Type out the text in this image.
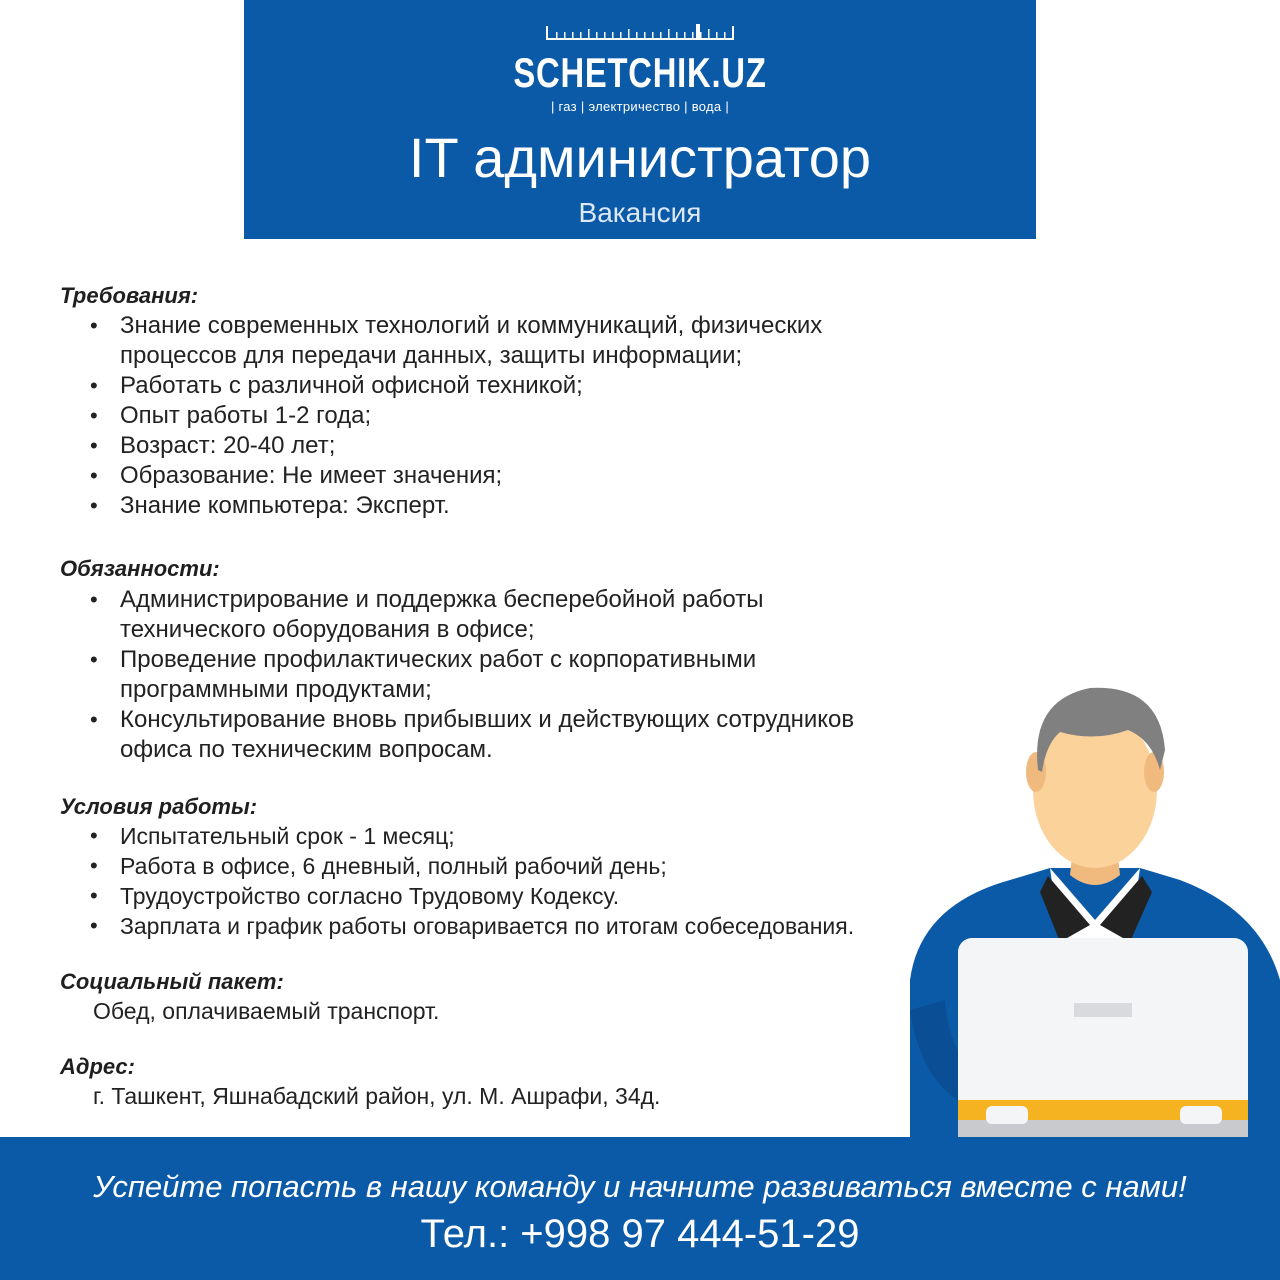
SCHETCHIK.UZ
| газ | электричество | вода |
IT администратор
Вакансия
Требования:
• Знание современных технологий и коммуникаций, физических процессов для передачи данных, защиты информации;
• Работать с различной офисной техникой;
• Опыт работы 1-2 года;
• Возраст: 20-40 лет;
• Образование: Не имеет значения;
• Знание компьютера: Эксперт.
Обязанности:
• Администрирование и поддержка бесперебойной работы технического оборудования в офисе;
• Проведение профилактических работ с корпоративными программными продуктами;
• Консультирование вновь прибывших и действующих сотрудников офиса по техническим вопросам.
Условия работы:
• Испытательный срок - 1 месяц;
• Работа в офисе, 6 дневный, полный рабочий день;
• Трудоустройство согласно Трудовому Кодексу.
• Зарплата и график работы оговаривается по итогам собеседования.
Социальный пакет:
Обед, оплачиваемый транспорт.
Адрес:
г. Ташкент, Яшнабадский район, ул. М. Ашрафи, 34д.
Успейте попасть в нашу команду и начните развиваться вместе с нами!
Тел.: +998 97 444-51-29
